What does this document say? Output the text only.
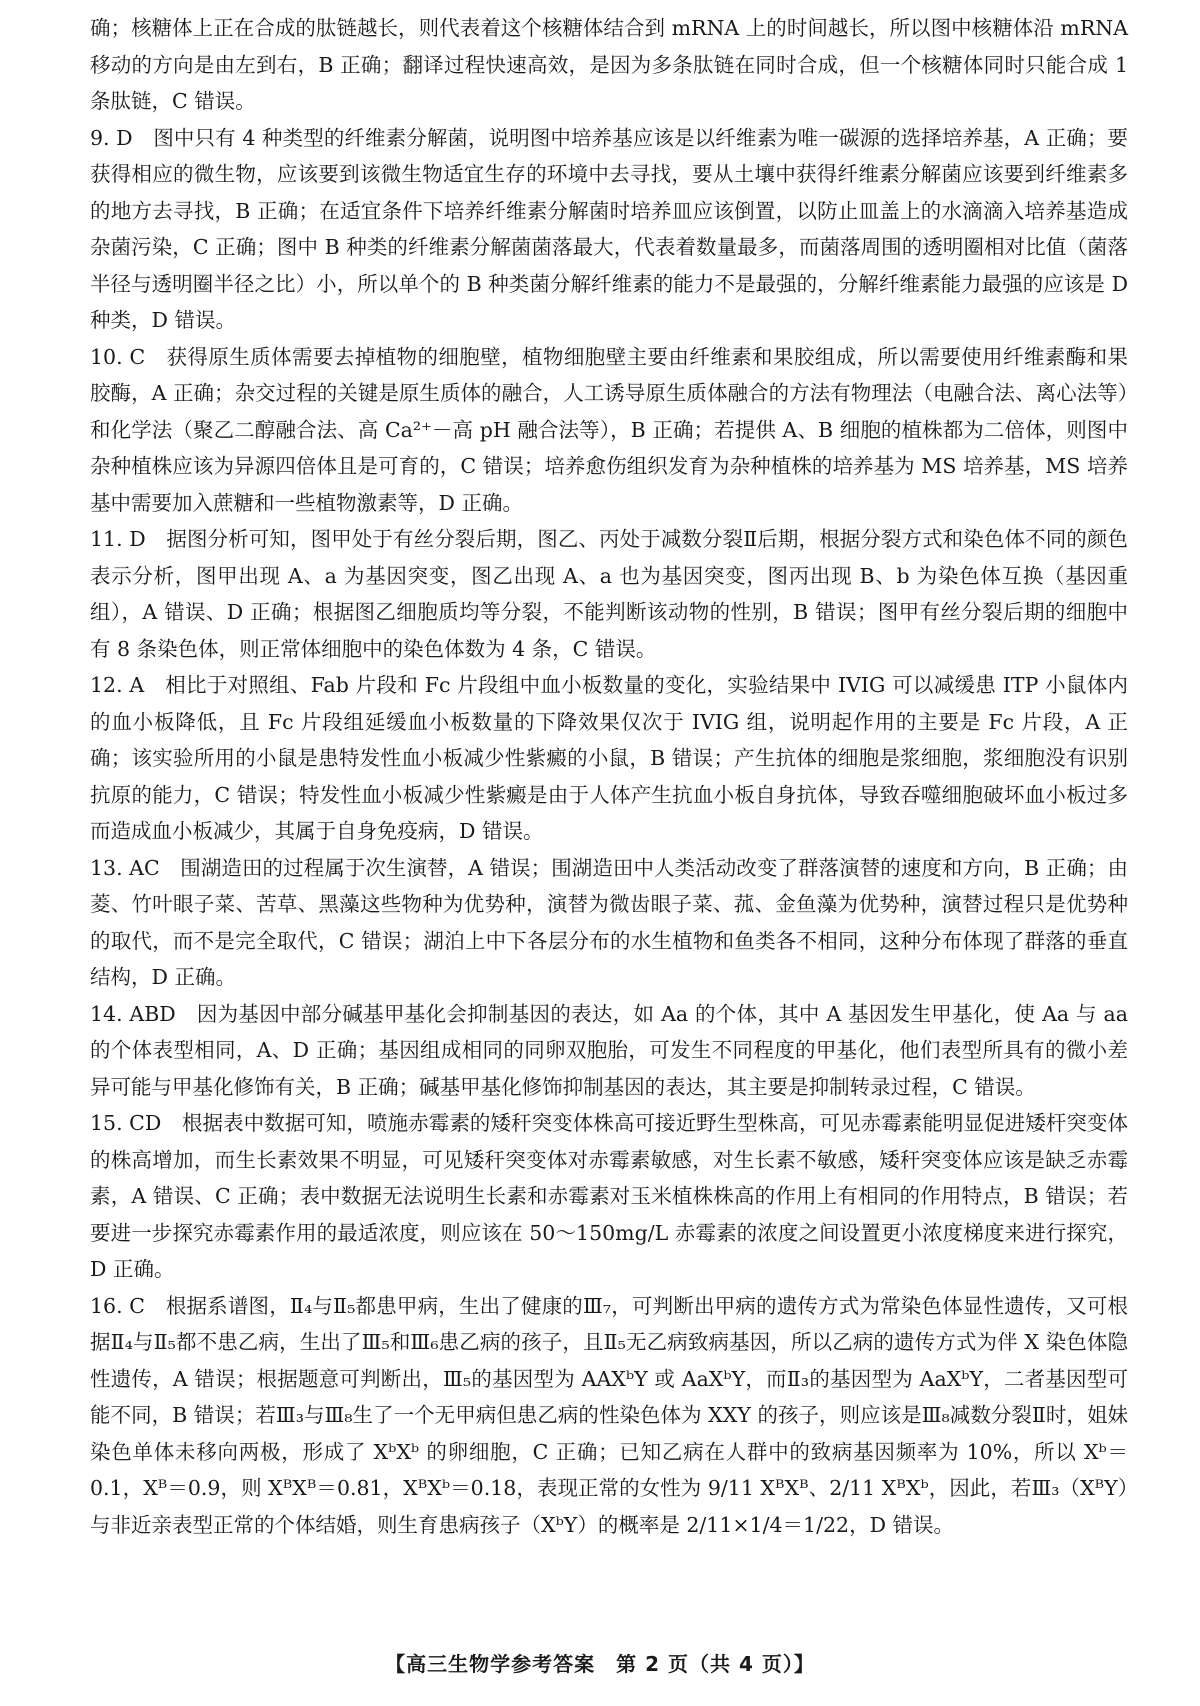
确；核糖体上正在合成的肽链越长，则代表着这个核糖体结合到 mRNA 上的时间越长，所以图中核糖体沿 mRNA 移动的方向是由左到右，B 正确；翻译过程快速高效，是因为多条肽链在同时合成，但一个核糖体同时只能合成 1 条肽链，C 错误。

9. D　图中只有 4 种类型的纤维素分解菌，说明图中培养基应该是以纤维素为唯一碳源的选择培养基，A 正确；要获得相应的微生物，应该要到该微生物适宜生存的环境中去寻找，要从土壤中获得纤维素分解菌应该要到纤维素多的地方去寻找，B 正确；在适宜条件下培养纤维素分解菌时培养皿应该倒置，以防止皿盖上的水滴滴入培养基造成杂菌污染，C 正确；图中 B 种类的纤维素分解菌菌落最大，代表着数量最多，而菌落周围的透明圈相对比值（菌落半径与透明圈半径之比）小，所以单个的 B 种类菌分解纤维素的能力不是最强的，分解纤维素能力最强的应该是 D 种类，D 错误。
10. C　获得原生质体需要去掉植物的细胞壁，植物细胞壁主要由纤维素和果胶组成，所以需要使用纤维素酶和果胶酶，A 正确；杂交过程的关键是原生质体的融合，人工诱导原生质体融合的方法有物理法（电融合法、离心法等）和化学法（聚乙二醇融合法、高 Ca²⁺－高 pH 融合法等），B 正确；若提供 A、B 细胞的植株都为二倍体，则图中杂种植株应该为异源四倍体且是可育的，C 错误；培养愈伤组织发育为杂种植株的培养基为 MS 培养基，MS 培养基中需要加入蔗糖和一些植物激素等，D 正确。
11. D　据图分析可知，图甲处于有丝分裂后期，图乙、丙处于减数分裂Ⅱ后期，根据分裂方式和染色体不同的颜色表示分析，图甲出现 A、a 为基因突变，图乙出现 A、a 也为基因突变，图丙出现 B、b 为染色体互换（基因重组），A 错误、D 正确；根据图乙细胞质均等分裂，不能判断该动物的性别，B 错误；图甲有丝分裂后期的细胞中有 8 条染色体，则正常体细胞中的染色体数为 4 条，C 错误。
12. A　相比于对照组、Fab 片段和 Fc 片段组中血小板数量的变化，实验结果中 IVIG 可以减缓患 ITP 小鼠体内的血小板降低，且 Fc 片段组延缓血小板数量的下降效果仅次于 IVIG 组，说明起作用的主要是 Fc 片段，A 正确；该实验所用的小鼠是患特发性血小板减少性紫癜的小鼠，B 错误；产生抗体的细胞是浆细胞，浆细胞没有识别抗原的能力，C 错误；特发性血小板减少性紫癜是由于人体产生抗血小板自身抗体，导致吞噬细胞破坏血小板过多而造成血小板减少，其属于自身免疫病，D 错误。
13. AC　围湖造田的过程属于次生演替，A 错误；围湖造田中人类活动改变了群落演替的速度和方向，B 正确；由菱、竹叶眼子菜、苦草、黑藻这些物种为优势种，演替为微齿眼子菜、菰、金鱼藻为优势种，演替过程只是优势种的取代，而不是完全取代，C 错误；湖泊上中下各层分布的水生植物和鱼类各不相同，这种分布体现了群落的垂直结构，D 正确。
14. ABD　因为基因中部分碱基甲基化会抑制基因的表达，如 Aa 的个体，其中 A 基因发生甲基化，使 Aa 与 aa 的个体表型相同，A、D 正确；基因组成相同的同卵双胞胎，可发生不同程度的甲基化，他们表型所具有的微小差异可能与甲基化修饰有关，B 正确；碱基甲基化修饰抑制基因的表达，其主要是抑制转录过程，C 错误。
15. CD　根据表中数据可知，喷施赤霉素的矮秆突变体株高可接近野生型株高，可见赤霉素能明显促进矮杆突变体的株高增加，而生长素效果不明显，可见矮秆突变体对赤霉素敏感，对生长素不敏感，矮秆突变体应该是缺乏赤霉素，A 错误、C 正确；表中数据无法说明生长素和赤霉素对玉米植株株高的作用上有相同的作用特点，B 错误；若要进一步探究赤霉素作用的最适浓度，则应该在 50～150mg/L 赤霉素的浓度之间设置更小浓度梯度来进行探究，D 正确。
16. C　根据系谱图，Ⅱ₄与Ⅱ₅都患甲病，生出了健康的Ⅲ₇，可判断出甲病的遗传方式为常染色体显性遗传，又可根据Ⅱ₄与Ⅱ₅都不患乙病，生出了Ⅲ₅和Ⅲ₆患乙病的孩子，且Ⅱ₅无乙病致病基因，所以乙病的遗传方式为伴 X 染色体隐性遗传，A 错误；根据题意可判断出，Ⅲ₅的基因型为 AAXᵇY 或 AaXᵇY，而Ⅱ₃的基因型为 AaXᵇY，二者基因型可能不同，B 错误；若Ⅲ₃与Ⅲ₈生了一个无甲病但患乙病的性染色体为 XXY 的孩子，则应该是Ⅲ₈减数分裂Ⅱ时，姐妹染色单体未移向两极，形成了 XᵇXᵇ 的卵细胞，C 正确；已知乙病在人群中的致病基因频率为 10%，所以 Xᵇ＝0.1，Xᴮ＝0.9，则 XᴮXᴮ＝0.81，XᴮXᵇ＝0.18，表现正常的女性为 9/11 XᴮXᴮ、2/11 XᴮXᵇ，因此，若Ⅲ₃（XᴮY）与非近亲表型正常的个体结婚，则生育患病孩子（XᵇY）的概率是 2/11×1/4＝1/22，D 错误。
【高三生物学参考答案　第 2 页（共 4 页）】
